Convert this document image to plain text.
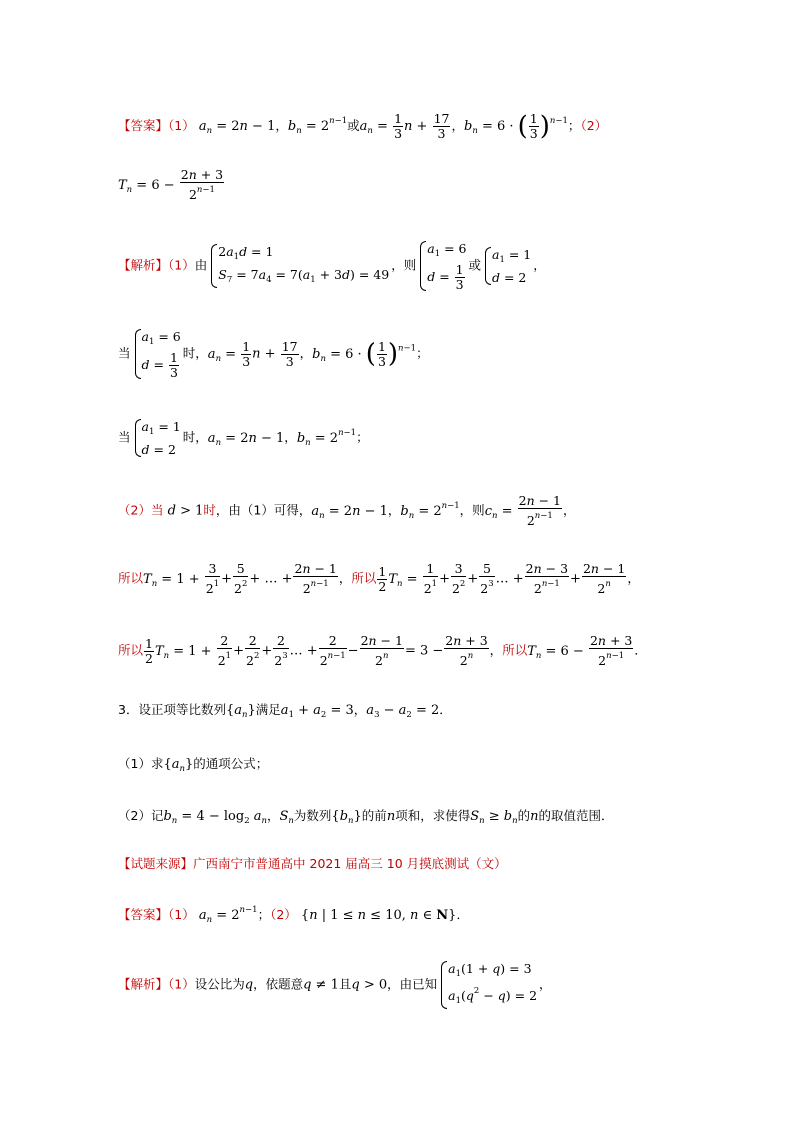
【答案】（1） $a_n = 2n - 1$，$b_n = 2^{n-1}$或$a_n = \frac{1}{3}$ $n + \frac{17}{3}$ ，$b_n = 6$ · ( $\frac{1}{3} )^{n-1}$；（2）
$T_n = 6 - \frac{2n + 3}{2^{n-1}}$
【解析】（1）由
$2a_1d = 1$
$S_7 = 7a_4 = 7(a_1 + 3d) = 49$
，则
$a_1 = 6$
$d = \frac{1}{3}$ 或
$a_1 = 1$
d = 2
，
当
$a_1 = 6$
$d = \frac{1}{3}$ 时，$a_n = \frac{1}{3}$ $n + \frac{17}{3}$ ，$b_n = 6$ · ( $\frac{1}{3} )^{n-1}$；
当
$a_1 = 1$
d = 2
时，$a_n = 2n - 1$，$b_n = 2^{n-1}$；
（2）当 d > 1时，由（1）可得，$a_n = 2n - 1$，$b_n = 2^{n-1}$，则$c_n = \frac{2n - 1}{2^{n-1}}$ ，
所以$T_n = 1 + \frac{3}{2^1} + \frac{5}{2^2}$ + … + $\frac{2n - 1}{2^{n-1}}$ ，所以 $\frac{1}{2} T_n = \frac{1}{2^1} + \frac{3}{2^2} + \frac{5}{2^3}$ … + $\frac{2n - 3}{2^{n-1}} + \frac{2n - 1}{2^n}$ ，
所以 $\frac{1}{2} T_n = 1 + \frac{2}{2^1} + \frac{2}{2^2} + \frac{2}{2^3}$ … + $\frac{2}{2^{n-1}} - \frac{2n - 1}{2^n} = 3 - \frac{2n + 3}{2^n}$ ，所以$T_n = 6 - \frac{2n + 3}{2^{n-1}}$ ．
3．设正项等比数列$\{a_n\}$满足$a_1 + a_2 = 3$，$a_3 - a_2 = 2$．
（1）求$\{a_n\}$的通项公式；
（2）记$b_n = 4 - \log_2 a_n$，$S_n$为数列$\{b_n\}$的前n项和，求使得$S_n \ge b_n$的n的取值范围．
【试题来源】广西南宁市普通高中 2021 届高三 10 月摸底测试（文）
【答案】（1） $a_n = 2^{n-1}$；（2） {n | 1 ≤ n ≤ 10, n ∈ N}．
【解析】（1）设公比为q，依题意q ≠ 1且q > 0，由已知
$a_1(1 + q) = 3$
$a_1(q^2 - q) = 2$
，
